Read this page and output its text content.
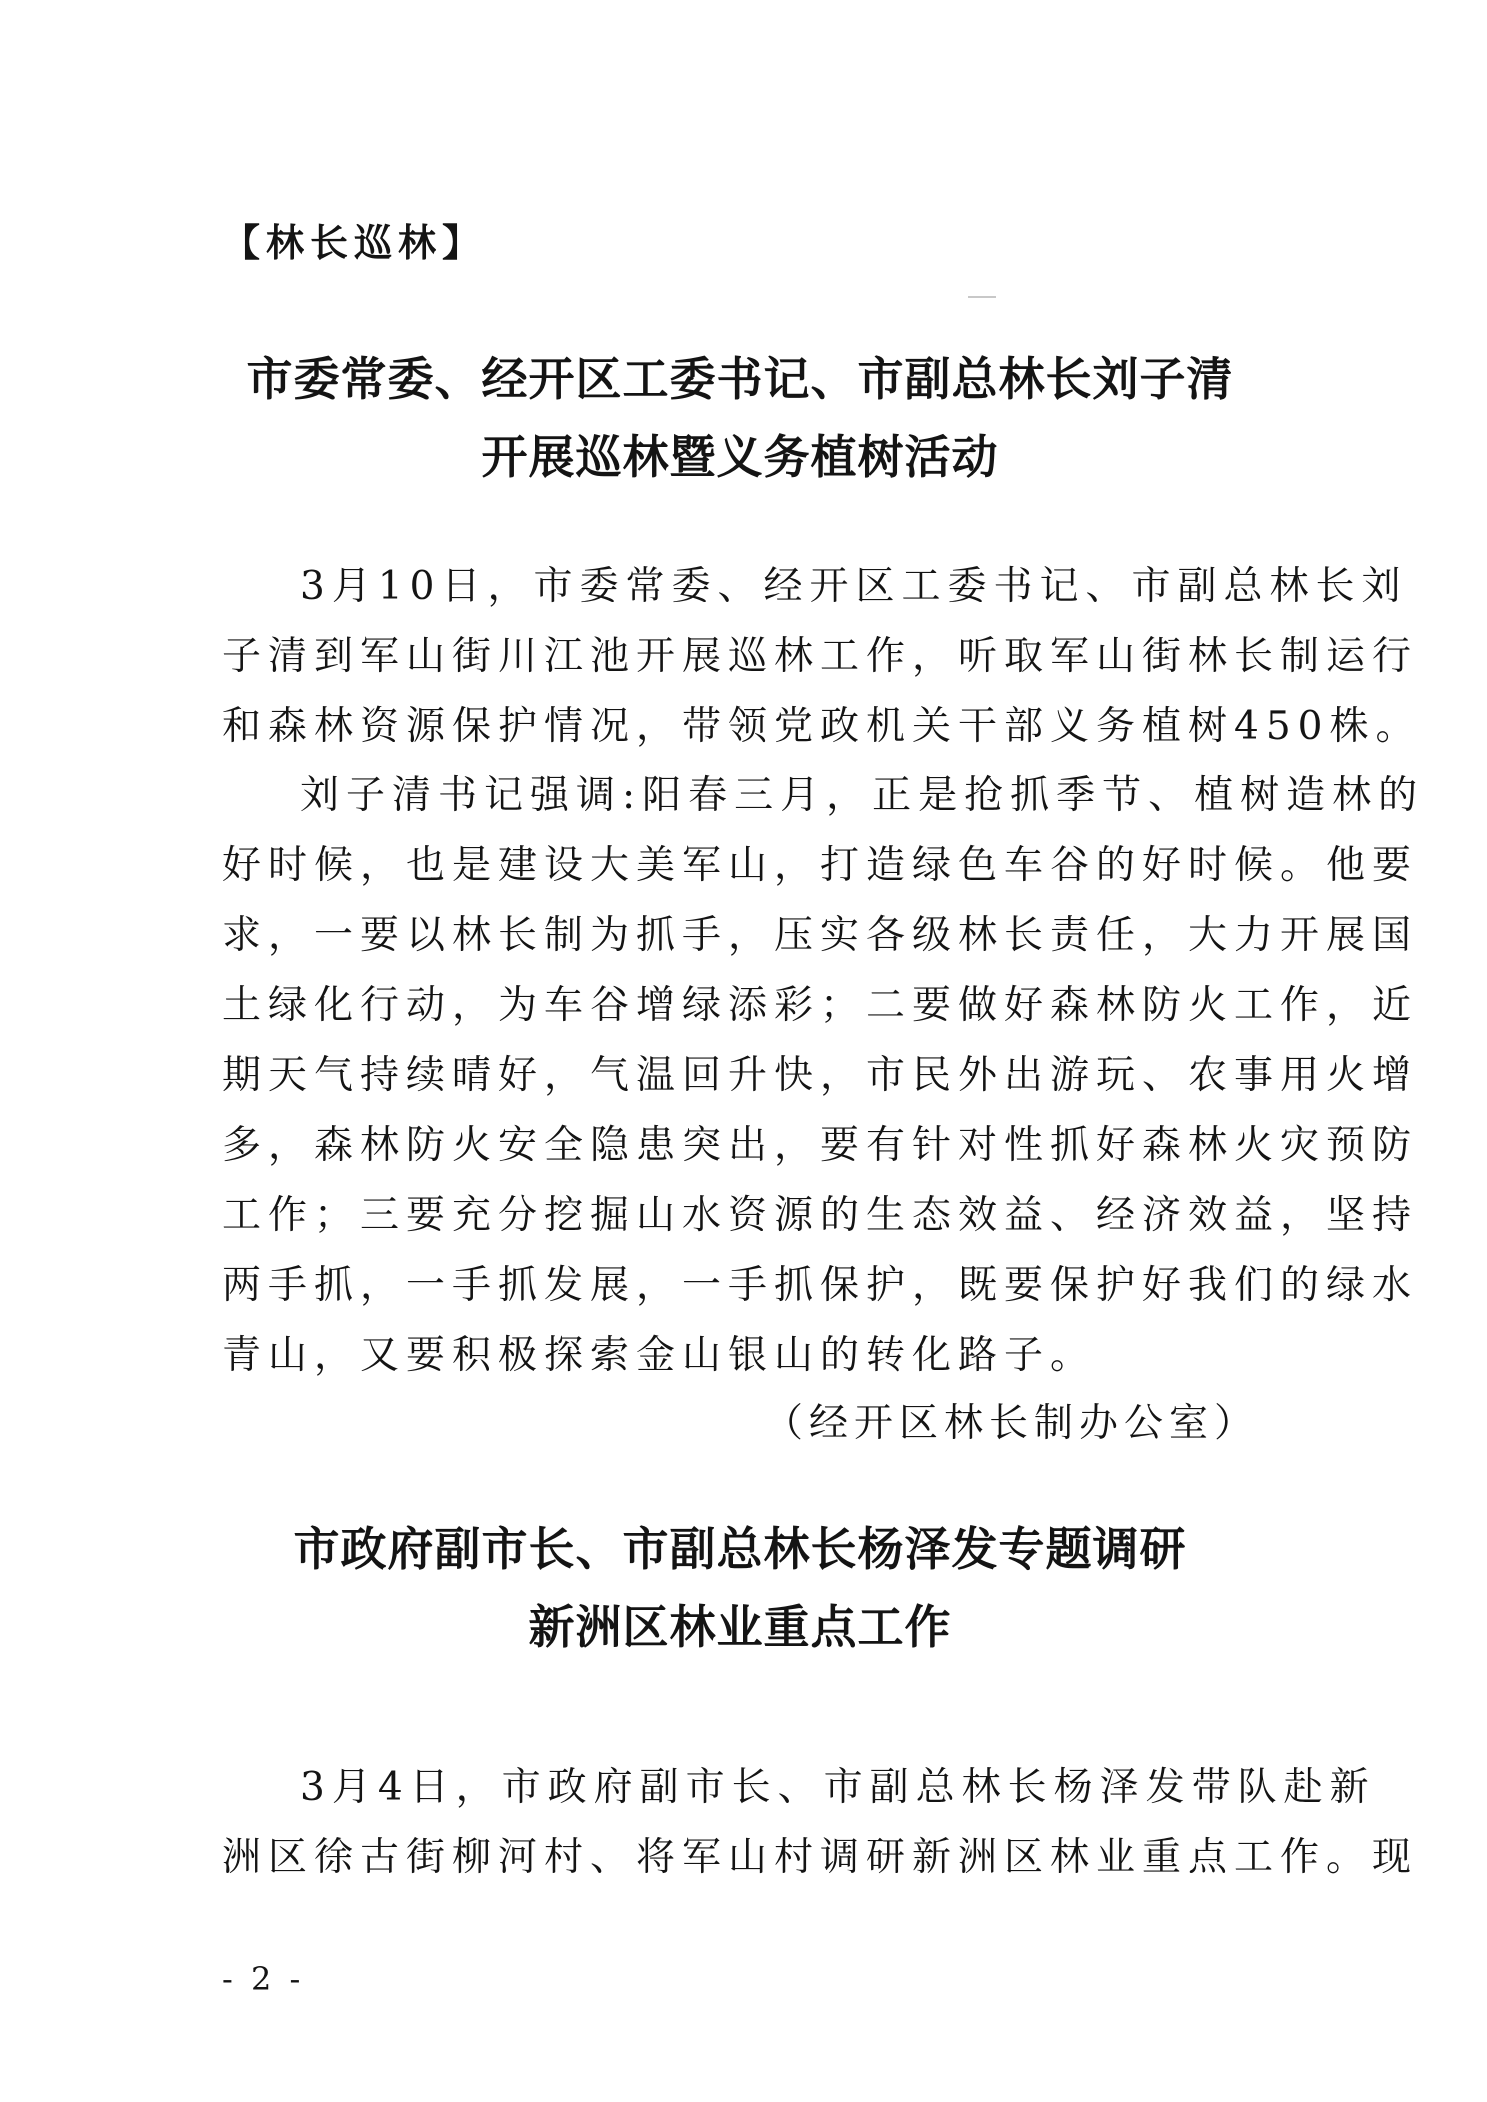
【林长巡林】
市委常委、经开区工委书记、市副总林长刘子清
开展巡林暨义务植树活动
3月10日，市委常委、经开区工委书记、市副总林长刘
子清到军山街川江池开展巡林工作，听取军山街林长制运行
和森林资源保护情况，带领党政机关干部义务植树450株。
刘子清书记强调:阳春三月，正是抢抓季节、植树造林的
好时候，也是建设大美军山，打造绿色车谷的好时候。他要
求，一要以林长制为抓手，压实各级林长责任，大力开展国
土绿化行动，为车谷增绿添彩；二要做好森林防火工作，近
期天气持续晴好，气温回升快，市民外出游玩、农事用火增
多，森林防火安全隐患突出，要有针对性抓好森林火灾预防
工作；三要充分挖掘山水资源的生态效益、经济效益，坚持
两手抓，一手抓发展，一手抓保护，既要保护好我们的绿水
青山，又要积极探索金山银山的转化路子。
（经开区林长制办公室）
市政府副市长、市副总林长杨泽发专题调研
新洲区林业重点工作
3月4日，市政府副市长、市副总林长杨泽发带队赴新
洲区徐古街柳河村、将军山村调研新洲区林业重点工作。现
- 2 -
